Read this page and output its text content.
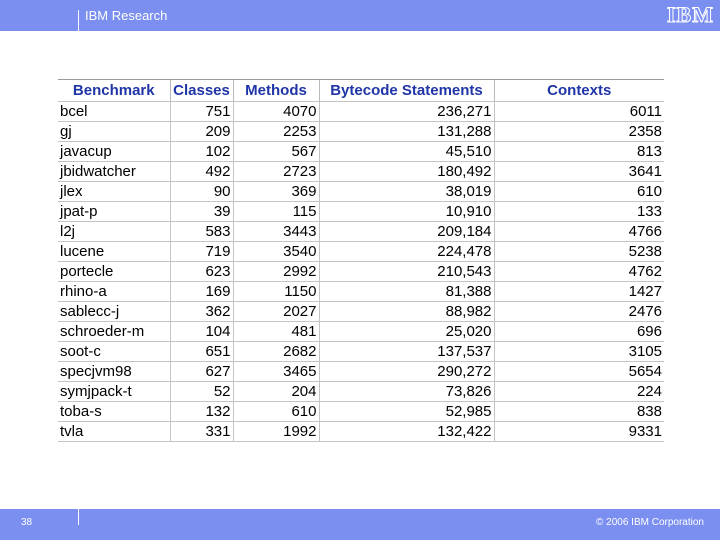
IBM Research	IBM
Benchmark	Classes	Methods	Bytecode Statements	Contexts
bcel	751	4070	236,271	6011
gj	209	2253	131,288	2358
javacup	102	567	45,510	813
jbidwatcher	492	2723	180,492	3641
jlex	90	369	38,019	610
jpat-p	39	115	10,910	133
l2j	583	3443	209,184	4766
lucene	719	3540	224,478	5238
portecle	623	2992	210,543	4762
rhino-a	169	1150	81,388	1427
sablecc-j	362	2027	88,982	2476
schroeder-m	104	481	25,020	696
soot-c	651	2682	137,537	3105
specjvm98	627	3465	290,272	5654
symjpack-t	52	204	73,826	224
toba-s	132	610	52,985	838
tvla	331	1992	132,422	9331
38	© 2006 IBM Corporation
